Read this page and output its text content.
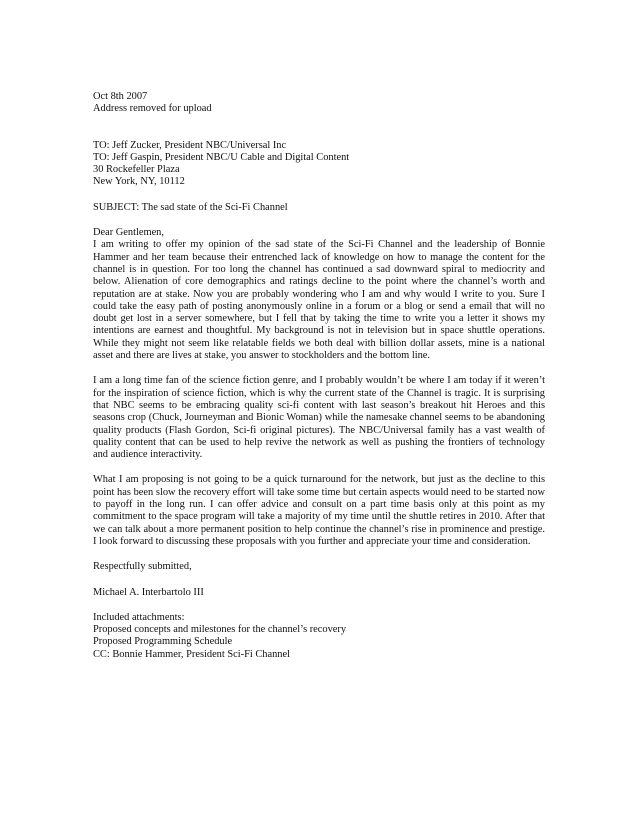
Oct 8th 2007
Address removed for upload
TO: Jeff Zucker, President NBC/Universal Inc
TO: Jeff Gaspin, President NBC/U Cable and Digital Content
30 Rockefeller Plaza
New York, NY, 10112
SUBJECT: The sad state of the Sci-Fi Channel
Dear Gentlemen,

I am writing to offer my opinion of the sad state of the Sci-Fi Channel and the leadership of Bonnie Hammer and her team because their entrenched lack of knowledge on how to manage the content for the channel is in question. For too long the channel has continued a sad downward spiral to mediocrity and below. Alienation of core demographics and ratings decline to the point where the channel’s worth and reputation are at stake. Now you are probably wondering who I am and why would I write to you. Sure I could take the easy path of posting anonymously online in a forum or a blog or send a email that will no doubt get lost in a server somewhere, but I fell that by taking the time to write you a letter it shows my intentions are earnest and thoughtful. My background is not in television but in space shuttle operations. While they might not seem like relatable fields we both deal with billion dollar assets, mine is a national asset and there are lives at stake, you answer to stockholders and the bottom line.

I am a long time fan of the science fiction genre, and I probably wouldn’t be where I am today if it weren’t for the inspiration of science fiction, which is why the current state of the Channel is tragic. It is surprising that NBC seems to be embracing quality sci-fi content with last season’s breakout hit Heroes and this seasons crop (Chuck, Journeyman and Bionic Woman) while the namesake channel seems to be abandoning quality products (Flash Gordon, Sci-fi original pictures). The NBC/Universal family has a vast wealth of quality content that can be used to help revive the network as well as pushing the frontiers of technology and audience interactivity.

What I am proposing is not going to be a quick turnaround for the network, but just as the decline to this point has been slow the recovery effort will take some time but certain aspects would need to be started now to payoff in the long run. I can offer advice and consult on a part time basis only at this point as my commitment to the space program will take a majority of my time until the shuttle retires in 2010. After that we can talk about a more permanent position to help continue the channel’s rise in prominence and prestige. I look forward to discussing these proposals with you further and appreciate your time and consideration.

Respectfully submitted,
Michael A. Interbartolo III
Included attachments:
Proposed concepts and milestones for the channel’s recovery
Proposed Programming Schedule
CC: Bonnie Hammer, President Sci-Fi Channel
